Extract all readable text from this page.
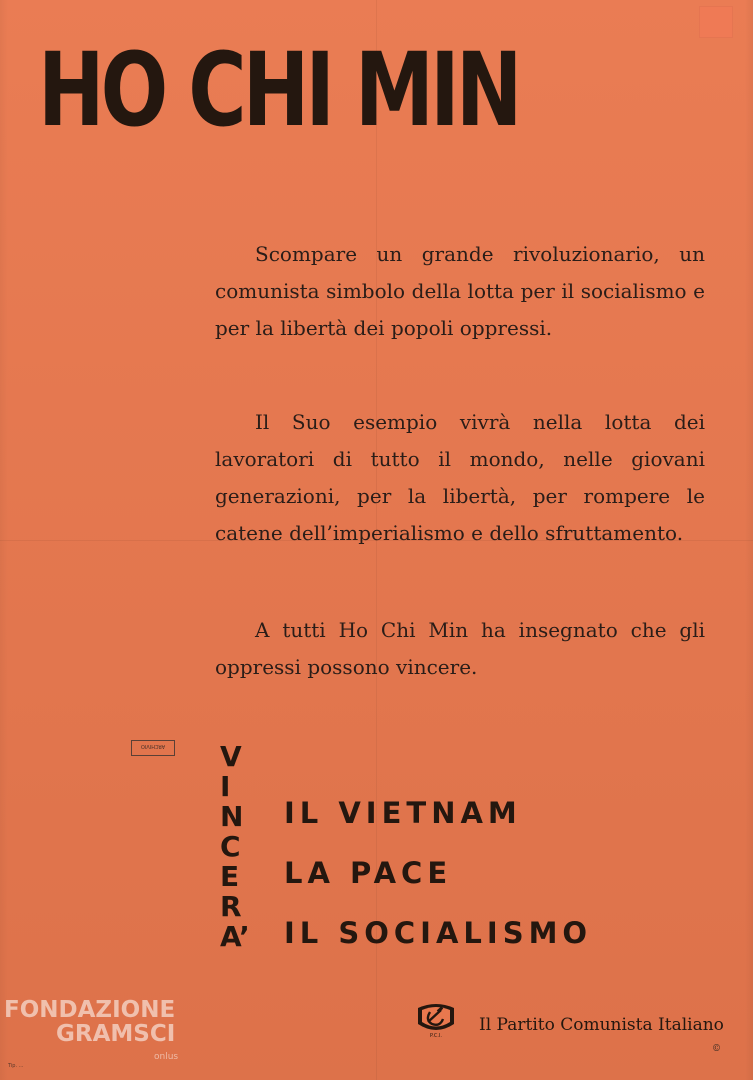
HO CHI MIN

Scompare un grande rivoluzionario, un comunista simbolo della lotta per il socialismo e per la libertà dei popoli oppressi.

Il Suo esempio vivrà nella lotta dei lavoratori di tutto il mondo, nelle giovani generazioni, per la libertà, per rompere le catene dell’imperialismo e dello sfruttamento.

A tutti Ho Chi Min ha insegnato che gli oppressi possono vincere.

ARCHIVIO	V
I
N
C
E
R
A’
IL VIETNAM
LA PACE
IL SOCIALISMO
P.C.I.
Il Partito Comunista Italiano
©
FONDAZIONE
GRAMSCI
onlus
Tip. ...
